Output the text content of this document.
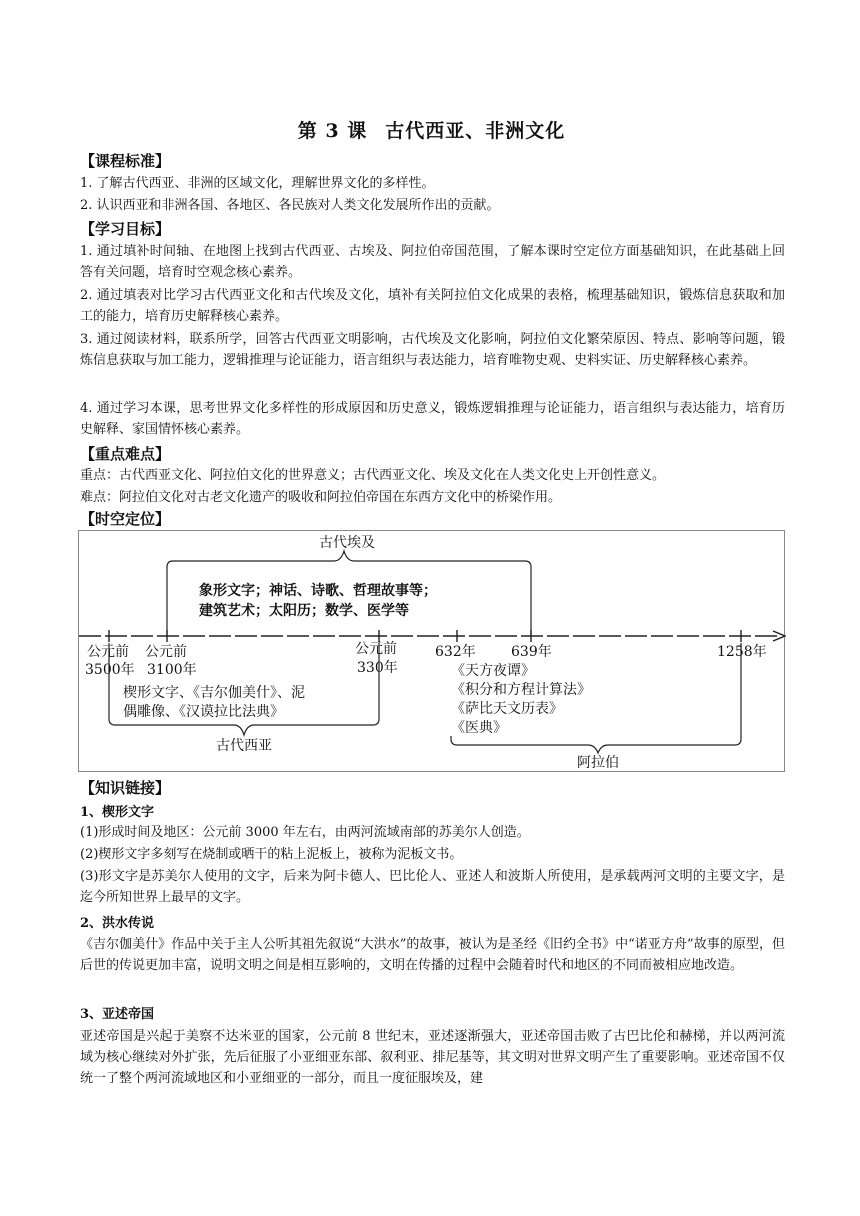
第 3 课 古代西亚、非洲文化
【课程标准】

1. 了解古代西亚、非洲的区域文化，理解世界文化的多样性。

2. 认识西亚和非洲各国、各地区、各民族对人类文化发展所作出的贡献。

【学习目标】

1. 通过填补时间轴、在地图上找到古代西亚、古埃及、阿拉伯帝国范围，了解本课时空定位方面基础知识，在此基础上回答有关问题，培育时空观念核心素养。

2. 通过填表对比学习古代西亚文化和古代埃及文化，填补有关阿拉伯文化成果的表格，梳理基础知识，锻炼信息获取和加工的能力，培育历史解释核心素养。

3. 通过阅读材料，联系所学，回答古代西亚文明影响，古代埃及文化影响，阿拉伯文化繁荣原因、特点、影响等问题，锻炼信息获取与加工能力，逻辑推理与论证能力，语言组织与表达能力，培育唯物史观、史料实证、历史解释核心素养。

4. 通过学习本课，思考世界文化多样性的形成原因和历史意义，锻炼逻辑推理与论证能力，语言组织与表达能力，培育历史解释、家国情怀核心素养。

【重点难点】

重点：古代西亚文化、阿拉伯文化的世界意义；古代西亚文化、埃及文化在人类文化史上开创性意义。

难点：阿拉伯文化对古老文化遗产的吸收和阿拉伯帝国在东西方文化中的桥梁作用。

【时空定位】
古代埃及
象形文字；神话、诗歌、哲理故事等；
建筑艺术；太阳历；数学、医学等
公元前
3500年
公元前
3100年
公元前
330年
632年	639年	1258年
楔形文字、《吉尔伽美什》、泥
偶雕像、《汉谟拉比法典》
古代西亚
《天方夜谭》
《积分和方程计算法》
《萨比天文历表》
《医典》
阿拉伯
【知识链接】
1、楔形文字

(1)形成时间及地区：公元前 3000 年左右，由两河流域南部的苏美尔人创造。

(2)楔形文字多刻写在烧制或晒干的粘上泥板上，被称为泥板文书。

(3)形文字是苏美尔人使用的文字，后来为阿卡德人、巴比伦人、亚述人和波斯人所使用，是承载两河文明的主要文字，是迄今所知世界上最早的文字。

2、洪水传说

《吉尔伽美什》作品中关于主人公听其祖先叙说“大洪水”的故事，被认为是圣经《旧约全书》中“诺亚方舟”故事的原型，但后世的传说更加丰富，说明文明之间是相互影响的，文明在传播的过程中会随着时代和地区的不同而被相应地改造。

3、亚述帝国

亚述帝国是兴起于美察不达米亚的国家，公元前 8 世纪末，亚述逐渐强大，亚述帝国击败了古巴比伦和赫梯，并以两河流域为核心继续对外扩张，先后征服了小亚细亚东部、叙利亚、排尼基等，其文明对世界文明产生了重要影响。亚述帝国不仅统一了整个两河流域地区和小亚细亚的一部分，而且一度征服埃及，建
